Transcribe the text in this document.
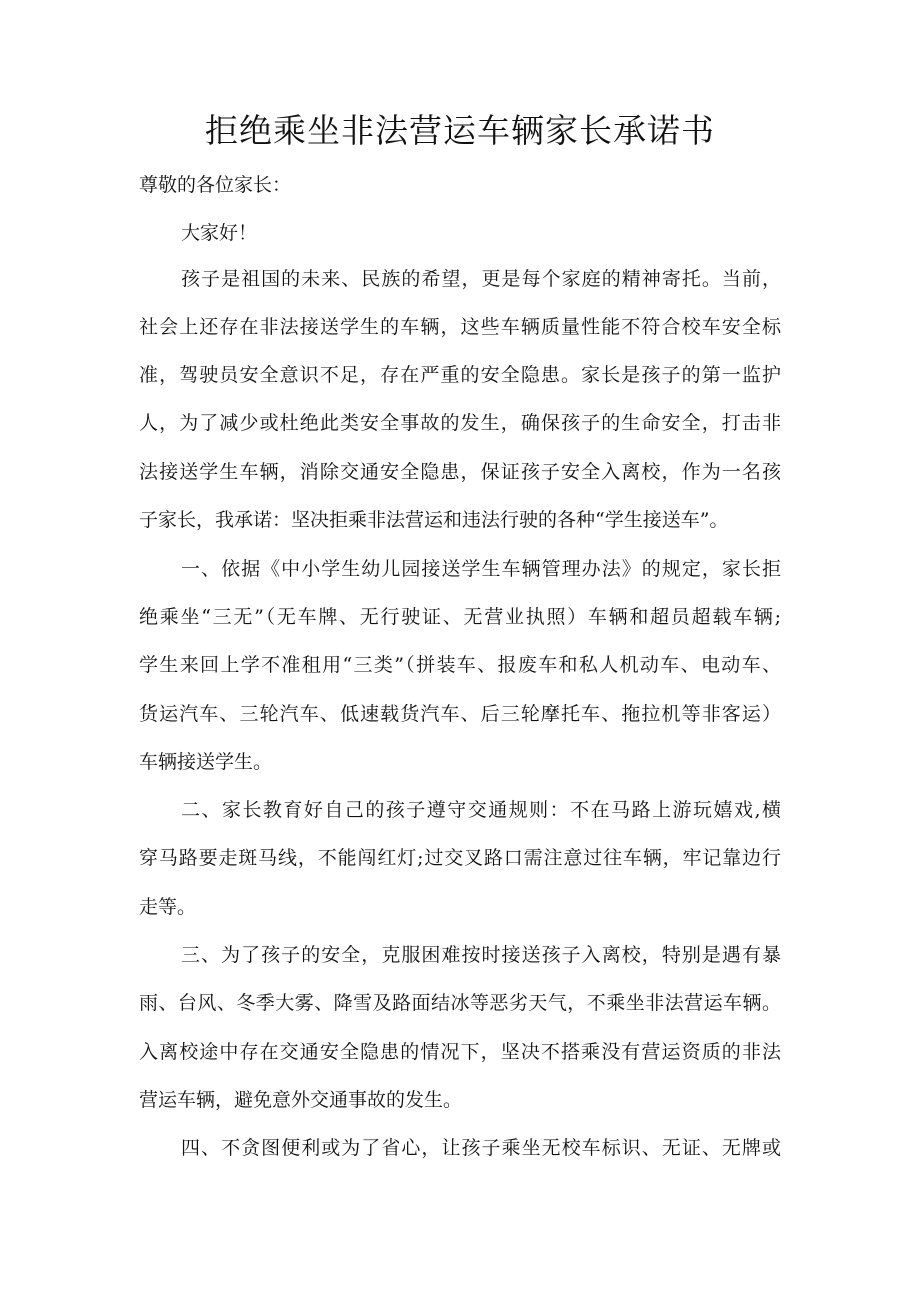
拒绝乘坐非法营运车辆家长承诺书

尊敬的各位家长：

大家好！

孩子是祖国的未来、民族的希望，更是每个家庭的精神寄托。当前，

社会上还存在非法接送学生的车辆，这些车辆质量性能不符合校车安全标

准，驾驶员安全意识不足，存在严重的安全隐患。家长是孩子的第一监护

人，为了减少或杜绝此类安全事故的发生，确保孩子的生命安全，打击非

法接送学生车辆，消除交通安全隐患，保证孩子安全入离校，作为一名孩

子家长，我承诺：坚决拒乘非法营运和违法行驶的各种“学生接送车”。

一、依据《中小学生幼儿园接送学生车辆管理办法》的规定，家长拒

绝乘坐“三无”（无车牌、无行驶证、无营业执照）车辆和超员超载车辆;

学生来回上学不准租用“三类”（拼装车、报废车和私人机动车、电动车、

货运汽车、三轮汽车、低速载货汽车、后三轮摩托车、拖拉机等非客运）

车辆接送学生。

二、家长教育好自己的孩子遵守交通规则：不在马路上游玩嬉戏,横

穿马路要走斑马线，不能闯红灯;过交叉路口需注意过往车辆，牢记靠边行

走等。

三、为了孩子的安全，克服困难按时接送孩子入离校，特别是遇有暴

雨、台风、冬季大雾、降雪及路面结冰等恶劣天气，不乘坐非法营运车辆。

入离校途中存在交通安全隐患的情况下，坚决不搭乘没有营运资质的非法

营运车辆，避免意外交通事故的发生。

四、不贪图便利或为了省心，让孩子乘坐无校车标识、无证、无牌或
